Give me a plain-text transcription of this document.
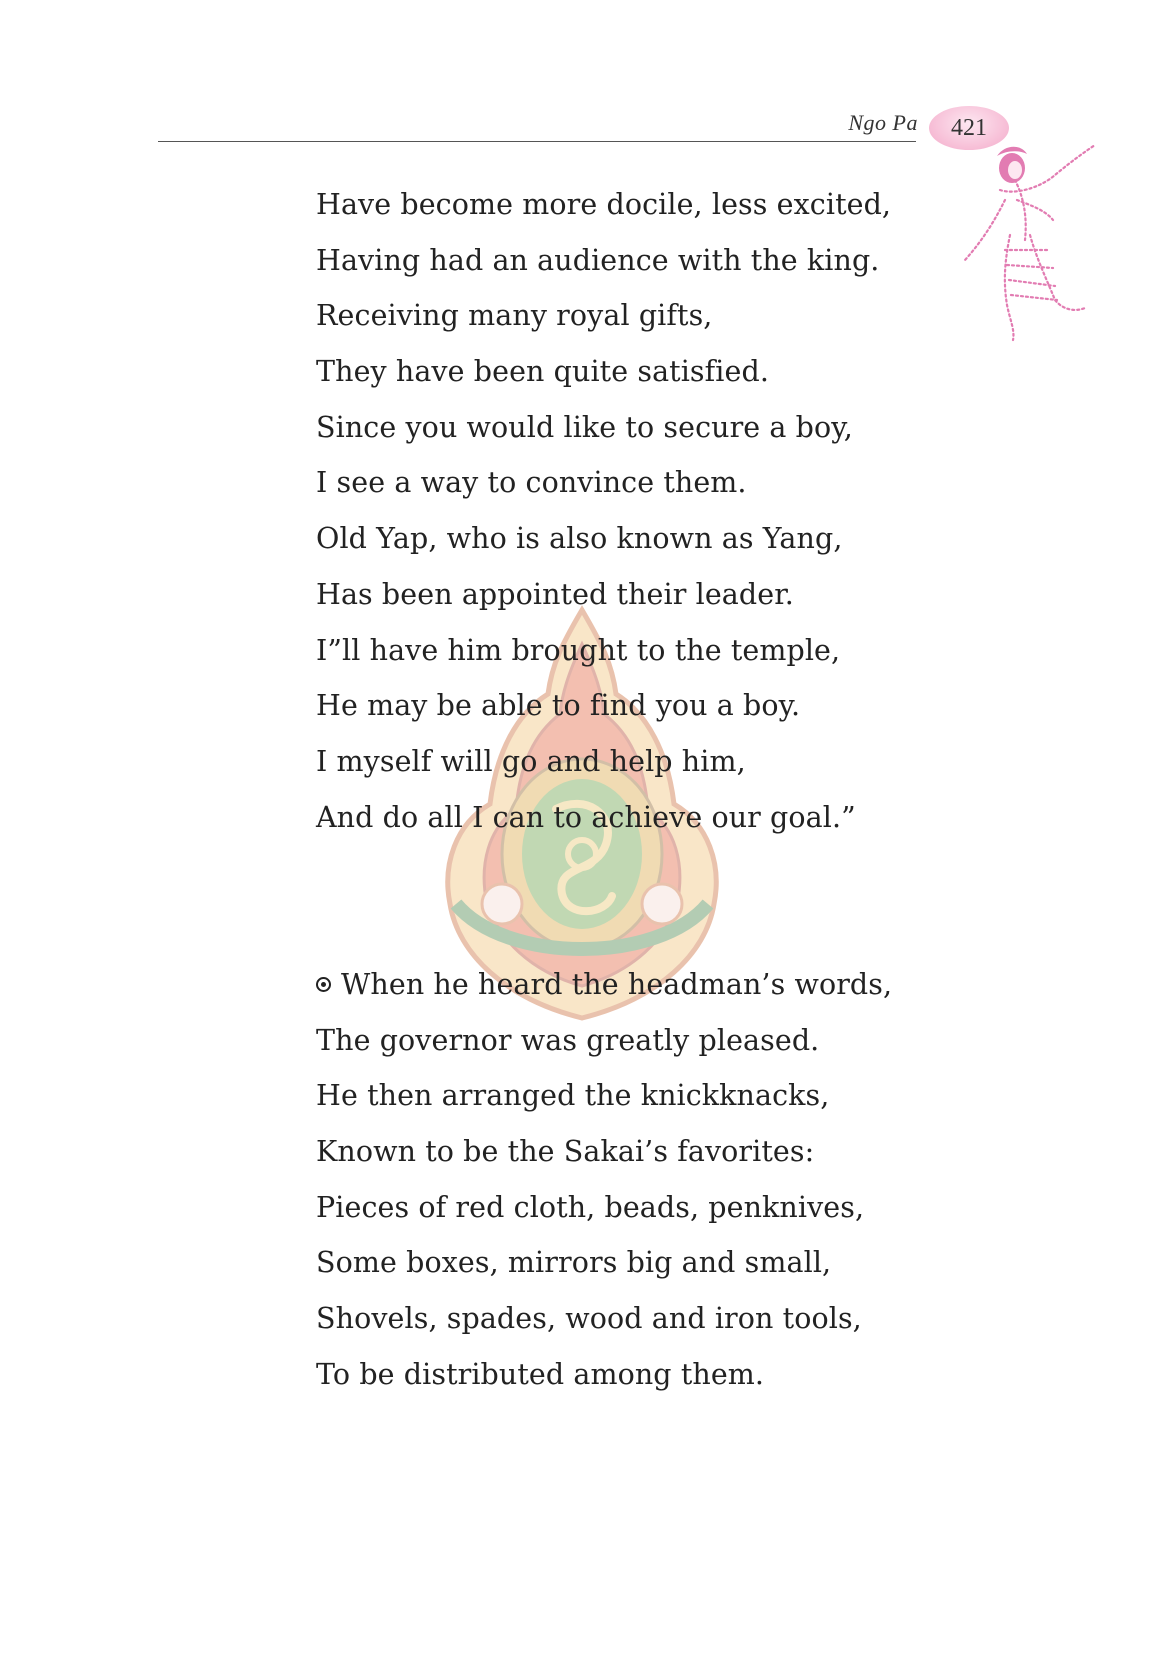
Ngo Pa 421
Have become more docile, less excited,
Having had an audience with the king.
Receiving many royal gifts,
They have been quite satisfied.
Since you would like to secure a boy,
I see a way to convince them.
Old Yap, who is also known as Yang,
Has been appointed their leader.
I”ll have him brought to the temple,
He may be able to find you a boy.
I myself will go and help him,
And do all I can to achieve our goal.”
When he heard the headman’s words,
The governor was greatly pleased.
He then arranged the knickknacks,
Known to be the Sakai’s favorites:
Pieces of red cloth, beads, penknives,
Some boxes, mirrors big and small,
Shovels, spades, wood and iron tools,
To be distributed among them.
